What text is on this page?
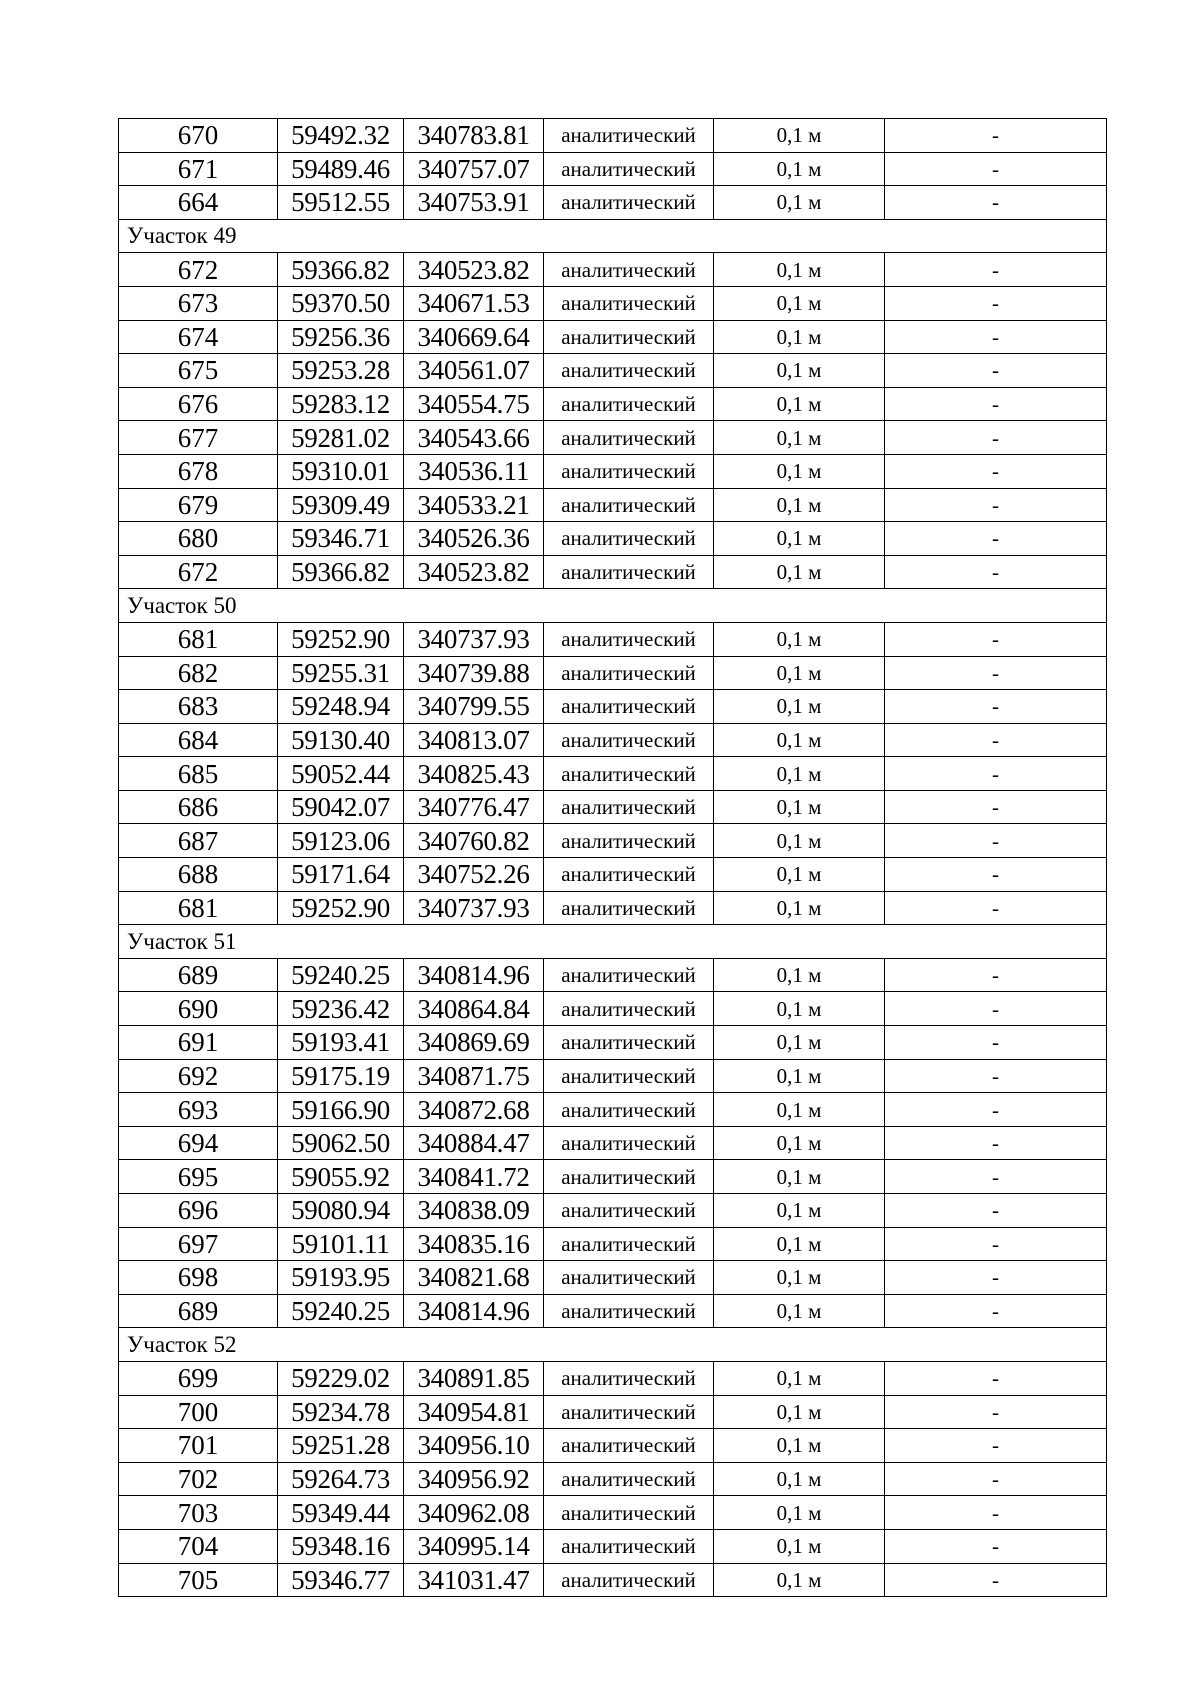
670	59492.32	340783.81	аналитический	0,1 м	-
671	59489.46	340757.07	аналитический	0,1 м	-
664	59512.55	340753.91	аналитический	0,1 м	-
Участок 49					
672	59366.82	340523.82	аналитический	0,1 м	-
673	59370.50	340671.53	аналитический	0,1 м	-
674	59256.36	340669.64	аналитический	0,1 м	-
675	59253.28	340561.07	аналитический	0,1 м	-
676	59283.12	340554.75	аналитический	0,1 м	-
677	59281.02	340543.66	аналитический	0,1 м	-
678	59310.01	340536.11	аналитический	0,1 м	-
679	59309.49	340533.21	аналитический	0,1 м	-
680	59346.71	340526.36	аналитический	0,1 м	-
672	59366.82	340523.82	аналитический	0,1 м	-
Участок 50					
681	59252.90	340737.93	аналитический	0,1 м	-
682	59255.31	340739.88	аналитический	0,1 м	-
683	59248.94	340799.55	аналитический	0,1 м	-
684	59130.40	340813.07	аналитический	0,1 м	-
685	59052.44	340825.43	аналитический	0,1 м	-
686	59042.07	340776.47	аналитический	0,1 м	-
687	59123.06	340760.82	аналитический	0,1 м	-
688	59171.64	340752.26	аналитический	0,1 м	-
681	59252.90	340737.93	аналитический	0,1 м	-
Участок 51					
689	59240.25	340814.96	аналитический	0,1 м	-
690	59236.42	340864.84	аналитический	0,1 м	-
691	59193.41	340869.69	аналитический	0,1 м	-
692	59175.19	340871.75	аналитический	0,1 м	-
693	59166.90	340872.68	аналитический	0,1 м	-
694	59062.50	340884.47	аналитический	0,1 м	-
695	59055.92	340841.72	аналитический	0,1 м	-
696	59080.94	340838.09	аналитический	0,1 м	-
697	59101.11	340835.16	аналитический	0,1 м	-
698	59193.95	340821.68	аналитический	0,1 м	-
689	59240.25	340814.96	аналитический	0,1 м	-
Участок 52					
699	59229.02	340891.85	аналитический	0,1 м	-
700	59234.78	340954.81	аналитический	0,1 м	-
701	59251.28	340956.10	аналитический	0,1 м	-
702	59264.73	340956.92	аналитический	0,1 м	-
703	59349.44	340962.08	аналитический	0,1 м	-
704	59348.16	340995.14	аналитический	0,1 м	-
705	59346.77	341031.47	аналитический	0,1 м	-
